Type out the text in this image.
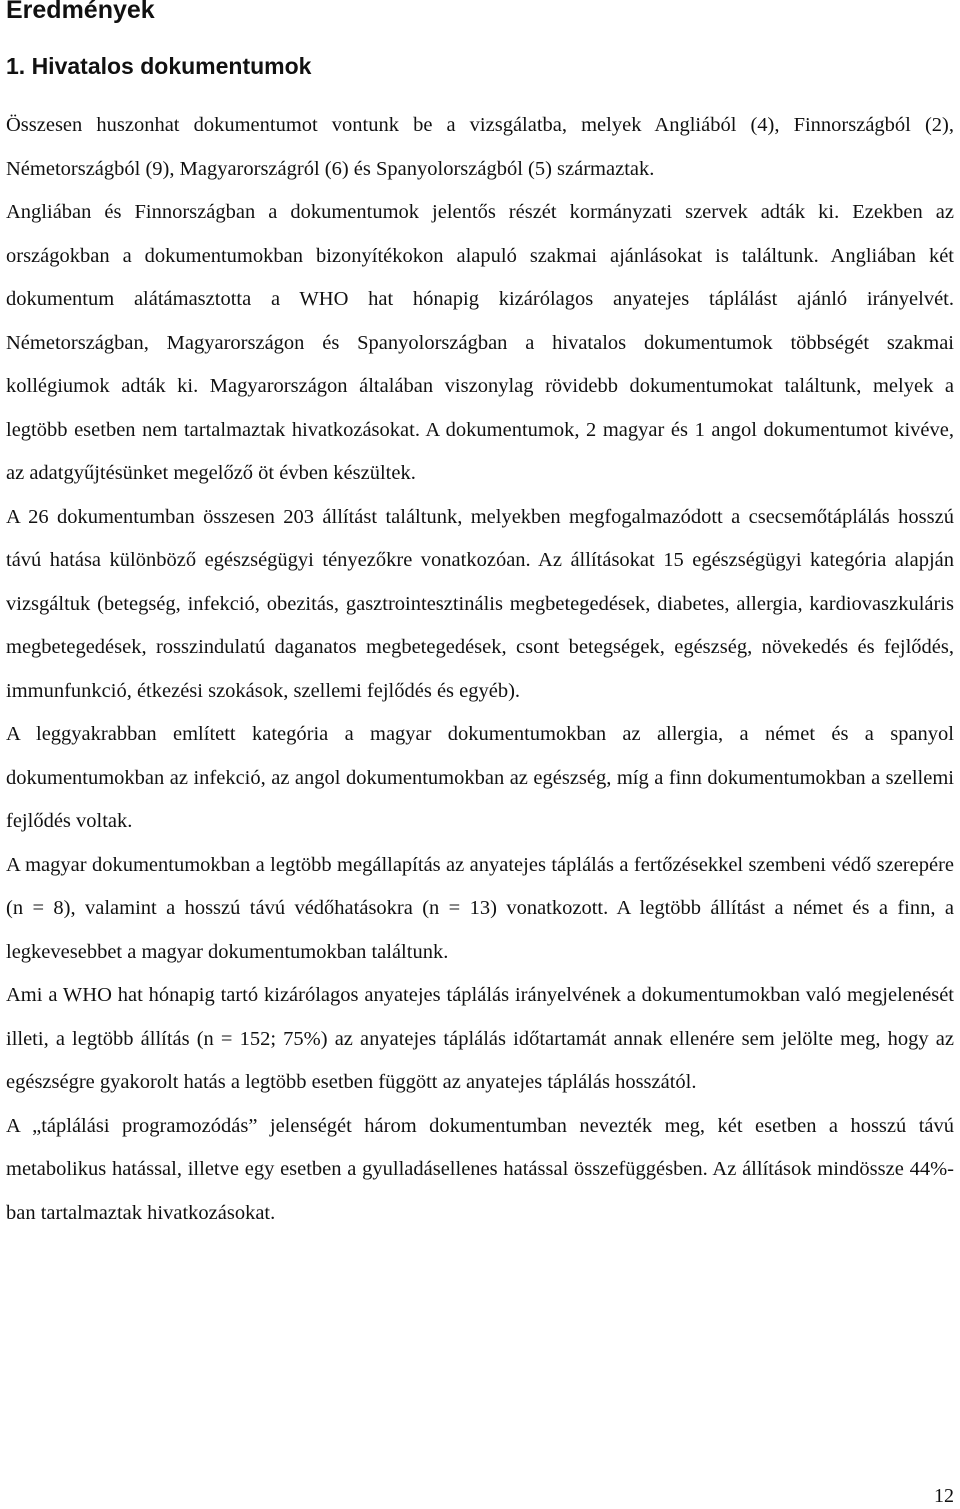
Eredmények
1. Hivatalos dokumentumok

Összesen huszonhat dokumentumot vontunk be a vizsgálatba, melyek Angliából (4), Finnországból (2), Németországból (9), Magyarországról (6) és Spanyolországból (5) származtak.

Angliában és Finnországban a dokumentumok jelentős részét kormányzati szervek adták ki. Ezekben az országokban a dokumentumokban bizonyítékokon alapuló szakmai ajánlásokat is találtunk. Angliában két dokumentum alátámasztotta a WHO hat hónapig kizárólagos anyatejes táplálást ajánló irányelvét. Németországban, Magyarországon és Spanyolországban a hivatalos dokumentumok többségét szakmai kollégiumok adták ki. Magyarországon általában viszonylag rövidebb dokumentumokat találtunk, melyek a legtöbb esetben nem tartalmaztak hivatkozásokat. A dokumentumok, 2 magyar és 1 angol dokumentumot kivéve, az adatgyűjtésünket megelőző öt évben készültek.

A 26 dokumentumban összesen 203 állítást találtunk, melyekben megfogalmazódott a csecsemőtáplálás hosszú távú hatása különböző egészségügyi tényezőkre vonatkozóan. Az állításokat 15 egészségügyi kategória alapján vizsgáltuk (betegség, infekció, obezitás, gasztrointesztinális megbetegedések, diabetes, allergia, kardiovaszkuláris megbetegedések, rosszindulatú daganatos megbetegedések, csont betegségek, egészség, növekedés és fejlődés, immunfunkció, étkezési szokások, szellemi fejlődés és egyéb).

A leggyakrabban említett kategória a magyar dokumentumokban az allergia, a német és a spanyol dokumentumokban az infekció, az angol dokumentumokban az egészség, míg a finn dokumentumokban a szellemi fejlődés voltak.

A magyar dokumentumokban a legtöbb megállapítás az anyatejes táplálás a fertőzésekkel szembeni védő szerepére (n = 8), valamint a hosszú távú védőhatásokra (n = 13) vonatkozott. A legtöbb állítást a német és a finn, a legkevesebbet a magyar dokumentumokban találtunk.

Ami a WHO hat hónapig tartó kizárólagos anyatejes táplálás irányelvének a dokumentumokban való megjelenését illeti, a legtöbb állítás (n = 152; 75%) az anyatejes táplálás időtartamát annak ellenére sem jelölte meg, hogy az egészségre gyakorolt hatás a legtöbb esetben függött az anyatejes táplálás hosszától.

A „táplálási programozódás” jelenségét három dokumentumban nevezték meg, két esetben a hosszú távú metabolikus hatással, illetve egy esetben a gyulladásellenes hatással összefüggésben. Az állítások mindössze 44%-ban tartalmaztak hivatkozásokat.

12
